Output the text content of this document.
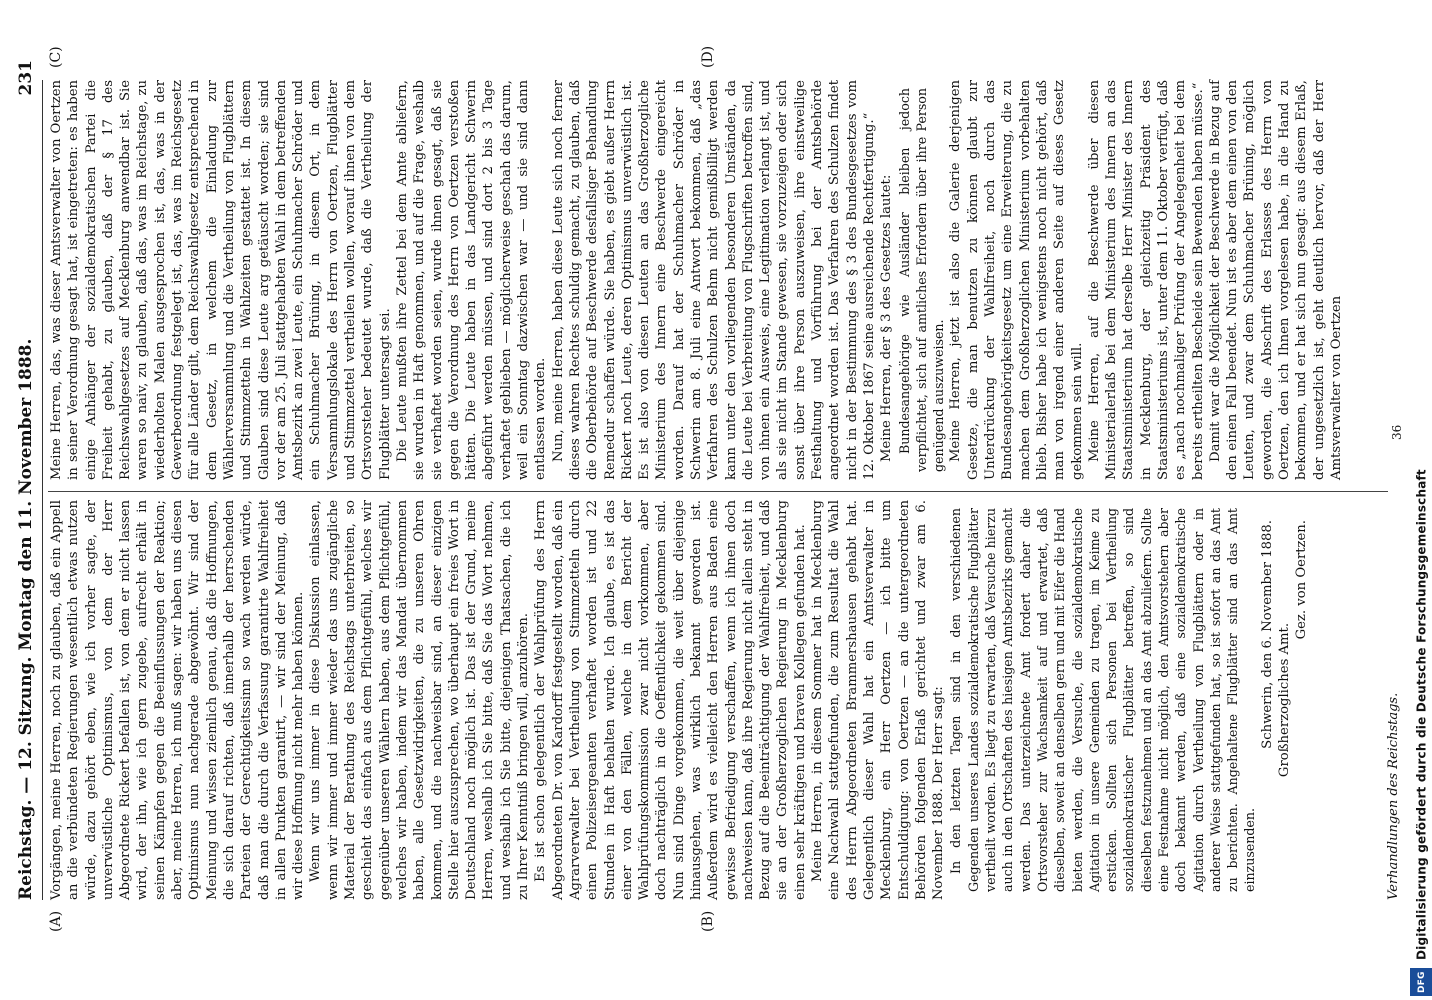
Reichstag. — 12. Sitzung. Montag den 11. November 1888.
231
(A)	(B)
(C)	(D)

Vorgängen, meine Herren, noch zu glauben, daß ein Appell an die verbündeten Regierungen wesentlich etwas nutzen würde, dazu gehört eben, wie ich vorher sagte, der unverwüstliche Optimismus, von dem der Herr Abgeordnete Rickert befallen ist, von dem er nicht lassen wird, der ihn, wie ich gern zugebe, aufrecht erhält in seinen Kämpfen gegen die Beeinflussungen der Reaktion; aber, meine Herren, ich muß sagen: wir haben uns diesen Optimismus nun nachgerade abgewöhnt. Wir sind der Meinung und wissen ziemlich genau, daß die Hoffnungen, die sich darauf richten, daß innerhalb der herrschenden Parteien der Gerechtigkeitssinn so wach werden würde, daß man die durch die Verfassung garantirte Wahlfreiheit in allen Punkten garantirt, — wir sind der Meinung, daß wir diese Hoffnung nicht mehr haben können. Wenn wir uns immer in diese Diskussion einlassen, wenn wir immer und immer wieder das uns zugängliche Material der Berathung des Reichstags unterbreiten, so geschieht das einfach aus dem Pflichtgefühl, welches wir gegenüber unseren Wählern haben, aus dem Pflichtgefühl, welches wir haben, indem wir das Mandat übernommen haben, alle Gesetzwidrigkeiten, die zu unseren Ohren kommen, und die nachweisbar sind, an dieser einzigen Stelle hier auszusprechen, wo überhaupt ein freies Wort in Deutschland noch möglich ist. Das ist der Grund, meine Herren, weshalb ich Sie bitte, daß Sie das Wort nehmen, und weshalb ich Sie bitte, diejenigen Thatsachen, die ich zu Ihrer Kenntniß bringen will, anzuhören. Es ist schon gelegentlich der Wahlprüfung des Herrn Abgeordneten Dr. von Kardorff festgestellt worden, daß ein Agrarverwalter bei Vertheilung von Stimmzetteln durch einen Polizeisergeanten verhaftet worden ist und 22 Stunden in Haft behalten wurde. Ich glaube, es ist das einer von den Fällen, welche in dem Bericht der Wahlprüfungskommission zwar nicht vorkommen, aber doch nachträglich in die Oeffentlichkeit gekommen sind. Nun sind Dinge vorgekommen, die weit über diejenige hinausgehen, was wirklich bekannt geworden ist. Außerdem wird es vielleicht den Herren aus Baden eine gewisse Befriedigung verschaffen, wenn ich ihnen doch nachweisen kann, daß ihre Regierung nicht allein steht in Bezug auf die Beeinträchtigung der Wahlfreiheit, und daß sie an der Großherzoglichen Regierung in Mecklenburg einen sehr kräftigen und braven Kollegen gefunden hat. Meine Herren, in diesem Sommer hat in Mecklenburg eine Nachwahl stattgefunden, die zum Resultat die Wahl des Herrn Abgeordneten Brammershausen gehabt hat. Gelegentlich dieser Wahl hat ein Amtsverwalter in Mecklenburg, ein Herr Oertzen — ich bitte um Entschuldigung: von Oertzen — an die untergeordneten Behörden folgenden Erlaß gerichtet und zwar am 6. November 1888. Der Herr sagt: In den letzten Tagen sind in den verschiedenen Gegenden unseres Landes sozialdemokratische Flugblätter vertheilt worden. Es liegt zu erwarten, daß Versuche hierzu auch in den Ortschaften des hiesigen Amtsbezirks gemacht werden. Das unterzeichnete Amt fordert daher die Ortsvorsteher zur Wachsamkeit auf und erwartet, daß dieselben, soweit an denselben gern und mit Eifer die Hand bieten werden, die Versuche, die sozialdemokratische Agitation in unsere Gemeinden zu tragen, im Keime zu ersticken. Sollten sich Personen bei Vertheilung sozialdemokratischer Flugblätter betreffen, so sind dieselben festzunehmen und an das Amt abzuliefern. Sollte eine Festnahme nicht möglich, den Amtsvorstehern aber doch bekannt werden, daß eine sozialdemokratische Agitation durch Vertheilung von Flugblättern oder in anderer Weise stattgefunden hat, so ist sofort an das Amt zu berichten. Angehaltene Flugblätter sind an das Amt einzusenden.

Schwerin, den 6. November 1888. Großherzogliches Amt.

Gez. von Oertzen.

Meine Herren, das, was dieser Amtsverwalter von Oertzen in seiner Verordnung gesagt hat, ist eingetreten: es haben einige Anhänger der sozialdemokratischen Partei die Freiheit gehabt, zu glauben, daß der § 17 des Reichswahlgesetzes auf Mecklenburg anwendbar ist. Sie waren so naiv, zu glauben, daß das, was im Reichstage, zu wiederholten Malen ausgesprochen ist, das, was in der Gewerbeordnung festgelegt ist, das, was im Reichsgesetz für alle Länder gilt, dem Reichswahlgesetz entsprechend in dem Gesetz, in welchem die Einladung zur Wählerversammlung und die Vertheilung von Flugblättern und Stimmzetteln in Wahlzeiten gestattet ist. In diesem Glauben sind diese Leute arg getäuscht worden; sie sind vor der am 25. Juli stattgehabten Wahl in dem betreffenden Amtsbezirk an zwei Leute, ein Schuhmacher Schröder und ein Schuhmacher Brüning, in diesem Ort, in dem Versammlungslokale des Herrn von Oertzen, Flugblätter und Stimmzettel vertheilen wollen, worauf ihnen von dem Ortsvorsteher bedeutet wurde, daß die Vertheilung der Flugblätter untersagt sei. Die Leute mußten ihre Zettel bei dem Amte abliefern, sie wurden in Haft genommen, und auf die Frage, weshalb sie verhaftet worden seien, wurde ihnen gesagt, daß sie gegen die Verordnung des Herrn von Oertzen verstoßen hätten. Die Leute haben in das Landgericht Schwerin abgeführt werden müssen, und sind dort 2 bis 3 Tage verhaftet geblieben — möglicherweise geschah das darum, weil ein Sonntag dazwischen war — und sie sind dann entlassen worden. Nun, meine Herren, haben diese Leute sich noch ferner dieses wahren Rechtes schuldig gemacht, zu glauben, daß die Oberbehörde auf Beschwerde desfallsiger Behandlung Remedur schaffen würde. Sie haben, es giebt außer Herrn Rickert noch Leute, deren Optimismus unverwüstlich ist. Es ist also von diesen Leuten an das Großherzogliche Ministerium des Innern eine Beschwerde eingereicht worden. Darauf hat der Schuhmacher Schröder in Schwerin am 8. Juli eine Antwort bekommen, daß „das Verfahren des Schulzen Behm nicht gemißbilligt werden kann unter den vorliegenden besonderen Umständen, da die Leute bei Verbreitung von Flugschriften betroffen sind, von ihnen ein Ausweis, eine Legitimation verlangt ist, und als sie nicht im Stande gewesen, sie vorzuzeigen oder sich sonst über ihre Person auszuweisen, ihre einstweilige Festhaltung und Vorführung bei der Amtsbehörde angeordnet worden ist. Das Verfahren des Schulzen findet nicht in der Bestimmung des § 3 des Bundesgesetzes vom 12. Oktober 1867 seine ausreichende Rechtfertigung.“ Meine Herren, der § 3 des Gesetzes lautet: Bundesangehörige wie Ausländer bleiben jedoch verpflichtet, sich auf amtliches Erfordern über ihre Person genügend auszuweisen. Meine Herren, jetzt ist also die Galerie derjenigen Gesetze, die man benutzen zu können glaubt zur Unterdrückung der Wahlfreiheit, noch durch das Bundesangehörigkeitsgesetz um eine Erweiterung, die zu machen dem Großherzoglichen Ministerium vorbehalten blieb. Bisher habe ich wenigstens noch nicht gehört, daß man von irgend einer anderen Seite auf dieses Gesetz gekommen sein will. Meine Herren, auf die Beschwerde über diesen Ministerialerlaß bei dem Ministerium des Innern an das Staatsministerium hat derselbe Herr Minister des Innern in Mecklenburg, der gleichzeitig Präsident des Staatsministeriums ist, unter dem 11. Oktober verfügt, daß es „nach nochmaliger Prüfung der Angelegenheit bei dem bereits ertheilten Bescheide sein Bewenden haben müsse.“ Damit war die Möglichkeit der Beschwerde in Bezug auf den einen Fall beendet. Nun ist es aber dem einen von den Leuten, und zwar dem Schuhmacher Brüning, möglich geworden, die Abschrift des Erlasses des Herrn von Oertzen, den ich Ihnen vorgelesen habe, in die Hand zu bekommen, und er hat sich nun gesagt: aus diesem Erlaß, der ungesetzlich ist, geht deutlich hervor, daß der Herr Amtsverwalter von Oertzen

Verhandlungen des Reichstags.
36
DFG Digitalisierung gefördert durch die Deutsche Forschungsgemeinschaft
